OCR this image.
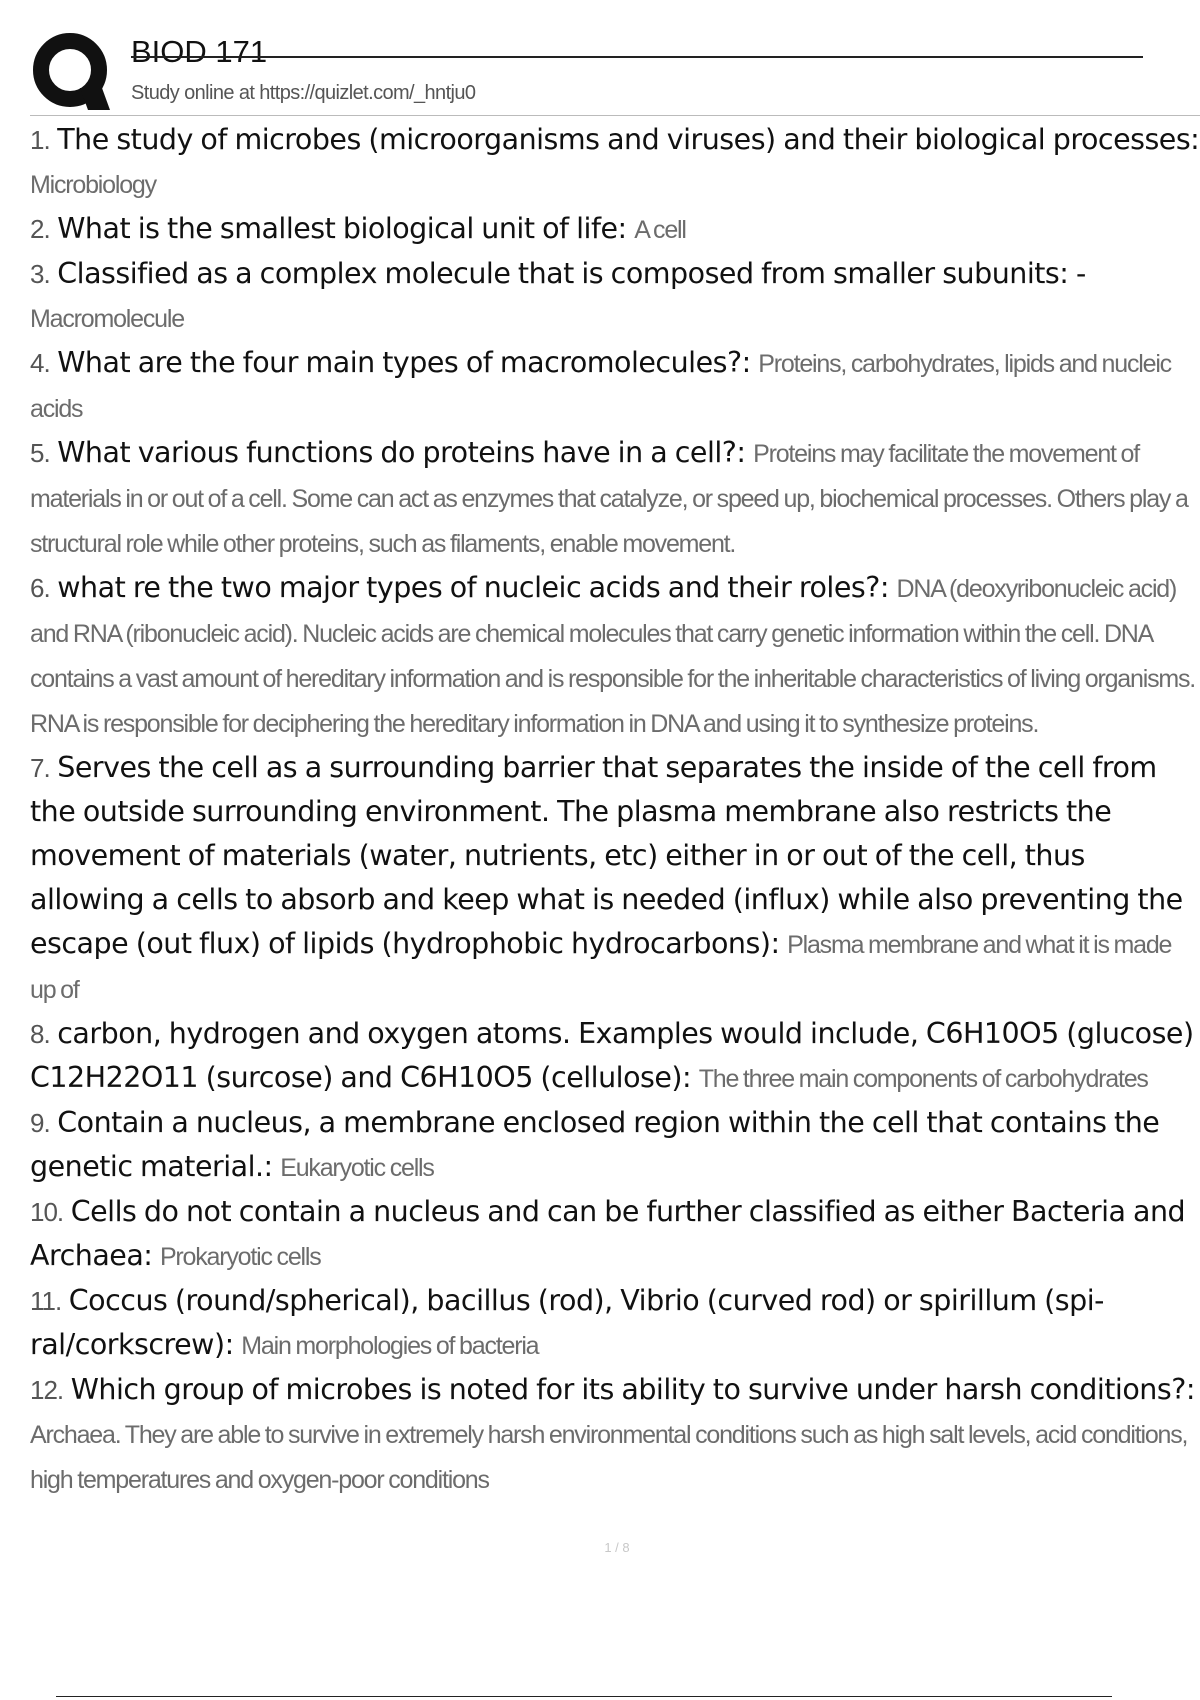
BIOD 171
Study online at https://quizlet.com/_hntju0
1. The study of microbes (microorganisms and viruses) and their biological processes: Microbiology
2. What is the smallest biological unit of life: A cell
3. Classified as a complex molecule that is composed from smaller subunits: - Macromolecule
4. What are the four main types of macromolecules?: Proteins, carbohydrates, lipids and nucleic acids
5. What various functions do proteins have in a cell?: Proteins may facilitate the movement of materials in or out of a cell. Some can act as enzymes that catalyze, or speed up, biochemical processes. Others play a structural role while other proteins, such as filaments, enable movement.
6. what re the two major types of nucleic acids and their roles?: DNA (deoxyribonucleic acid) and RNA (ribonucleic acid). Nucleic acids are chemical molecules that carry genetic information within the cell. DNA contains a vast amount of hereditary information and is responsible for the inheritable characteristics of living organisms. RNA is responsible for deciphering the hereditary information in DNA and using it to synthesize proteins.
7. Serves the cell as a surrounding barrier that separates the inside of the cell from the outside surrounding environment. The plasma membrane also restricts the movement of materials (water, nutrients, etc) either in or out of the cell, thus allowing a cells to absorb and keep what is needed (influx) while also preventing the escape (out flux) of lipids (hydrophobic hydrocarbons): Plasma membrane and what it is made up of
8. carbon, hydrogen and oxygen atoms. Examples would include, C6H10O5 (glucose) C12H22O11 (surcose) and C6H10O5 (cellulose): The three main components of carbohydrates
9. Contain a nucleus, a membrane enclosed region within the cell that contains the genetic material.: Eukaryotic cells
10. Cells do not contain a nucleus and can be further classified as either Bacteria and Archaea: Prokaryotic cells
11. Coccus (round/spherical), bacillus (rod), Vibrio (curved rod) or spirillum (spi-ral/corkscrew): Main morphologies of bacteria
12. Which group of microbes is noted for its ability to survive under harsh conditions?: Archaea. They are able to survive in extremely harsh environmental conditions such as high salt levels, acid conditions, high temperatures and oxygen-poor conditions
1 / 8
